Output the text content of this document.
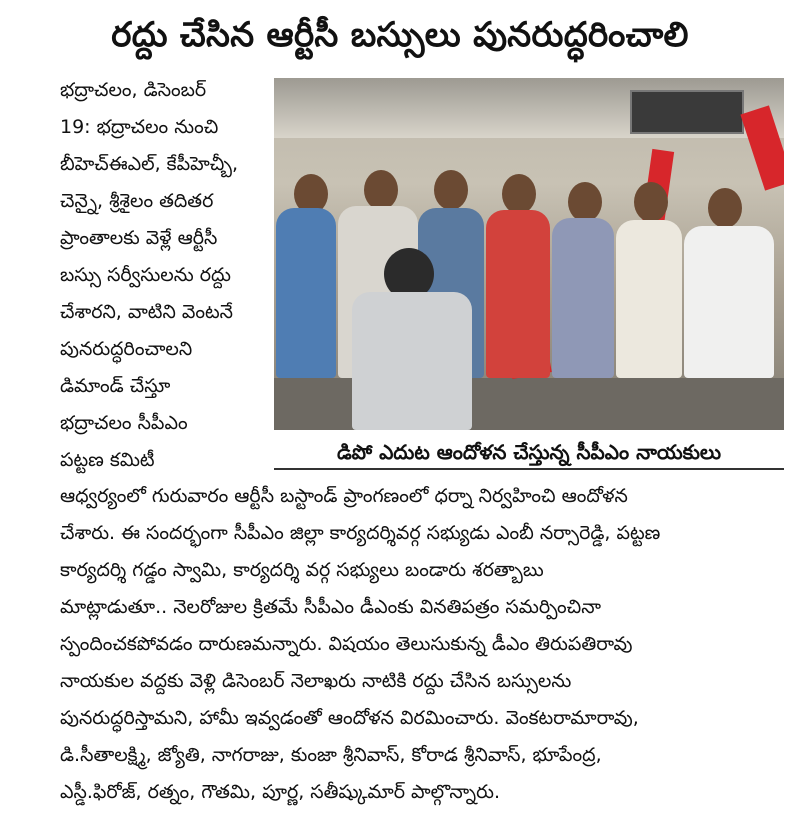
రద్దు చేసిన ఆర్టీసీ బస్సులు పునరుద్ధరించాలి
భద్రాచలం, డిసెంబర్
19: భద్రాచలం నుంచి
బీహెచ్ఈఎల్, కేపీహెచ్బీ,
చెన్నై, శ్రీశైలం తదితర
ప్రాంతాలకు వెళ్లే ఆర్టీసీ
బస్సు సర్వీసులను రద్దు
చేశారని, వాటిని వెంటనే
పునరుద్ధరించాలని
డిమాండ్ చేస్తూ
భద్రాచలం సీపీఎం
పట్టణ కమిటీ	డిపో ఎదుట ఆందోళన చేస్తున్న సీపీఎం నాయకులు
ఆధ్వర్యంలో గురువారం ఆర్టీసీ బస్టాండ్ ప్రాంగణంలో ధర్నా నిర్వహించి ఆందోళన
చేశారు. ఈ సందర్భంగా సీపీఎం జిల్లా కార్యదర్శివర్గ సభ్యుడు ఎంబీ నర్సారెడ్డి, పట్టణ
కార్యదర్శి గడ్డం స్వామి, కార్యదర్శి వర్గ సభ్యులు బండారు శరత్బాబు
మాట్లాడుతూ.. నెలరోజుల క్రితమే సీపీఎం డీఎంకు వినతిపత్రం సమర్పించినా
స్పందించకపోవడం దారుణమన్నారు. విషయం తెలుసుకున్న డీఎం తిరుపతిరావు
నాయకుల వద్దకు వెళ్లి డిసెంబర్ నెలాఖరు నాటికి రద్దు చేసిన బస్సులను
పునరుద్ధరిస్తామని, హామీ ఇవ్వడంతో ఆందోళన విరమించారు. వెంకటరామారావు,
డి.సీతాలక్ష్మి, జ్యోతి, నాగరాజు, కుంజా శ్రీనివాస్, కోరాడ శ్రీనివాస్, భూపేంద్ర,
ఎస్డీ.ఫిరోజ్, రత్నం, గౌతమి, పూర్ణ, సతీష్కుమార్ పాల్గొన్నారు.
